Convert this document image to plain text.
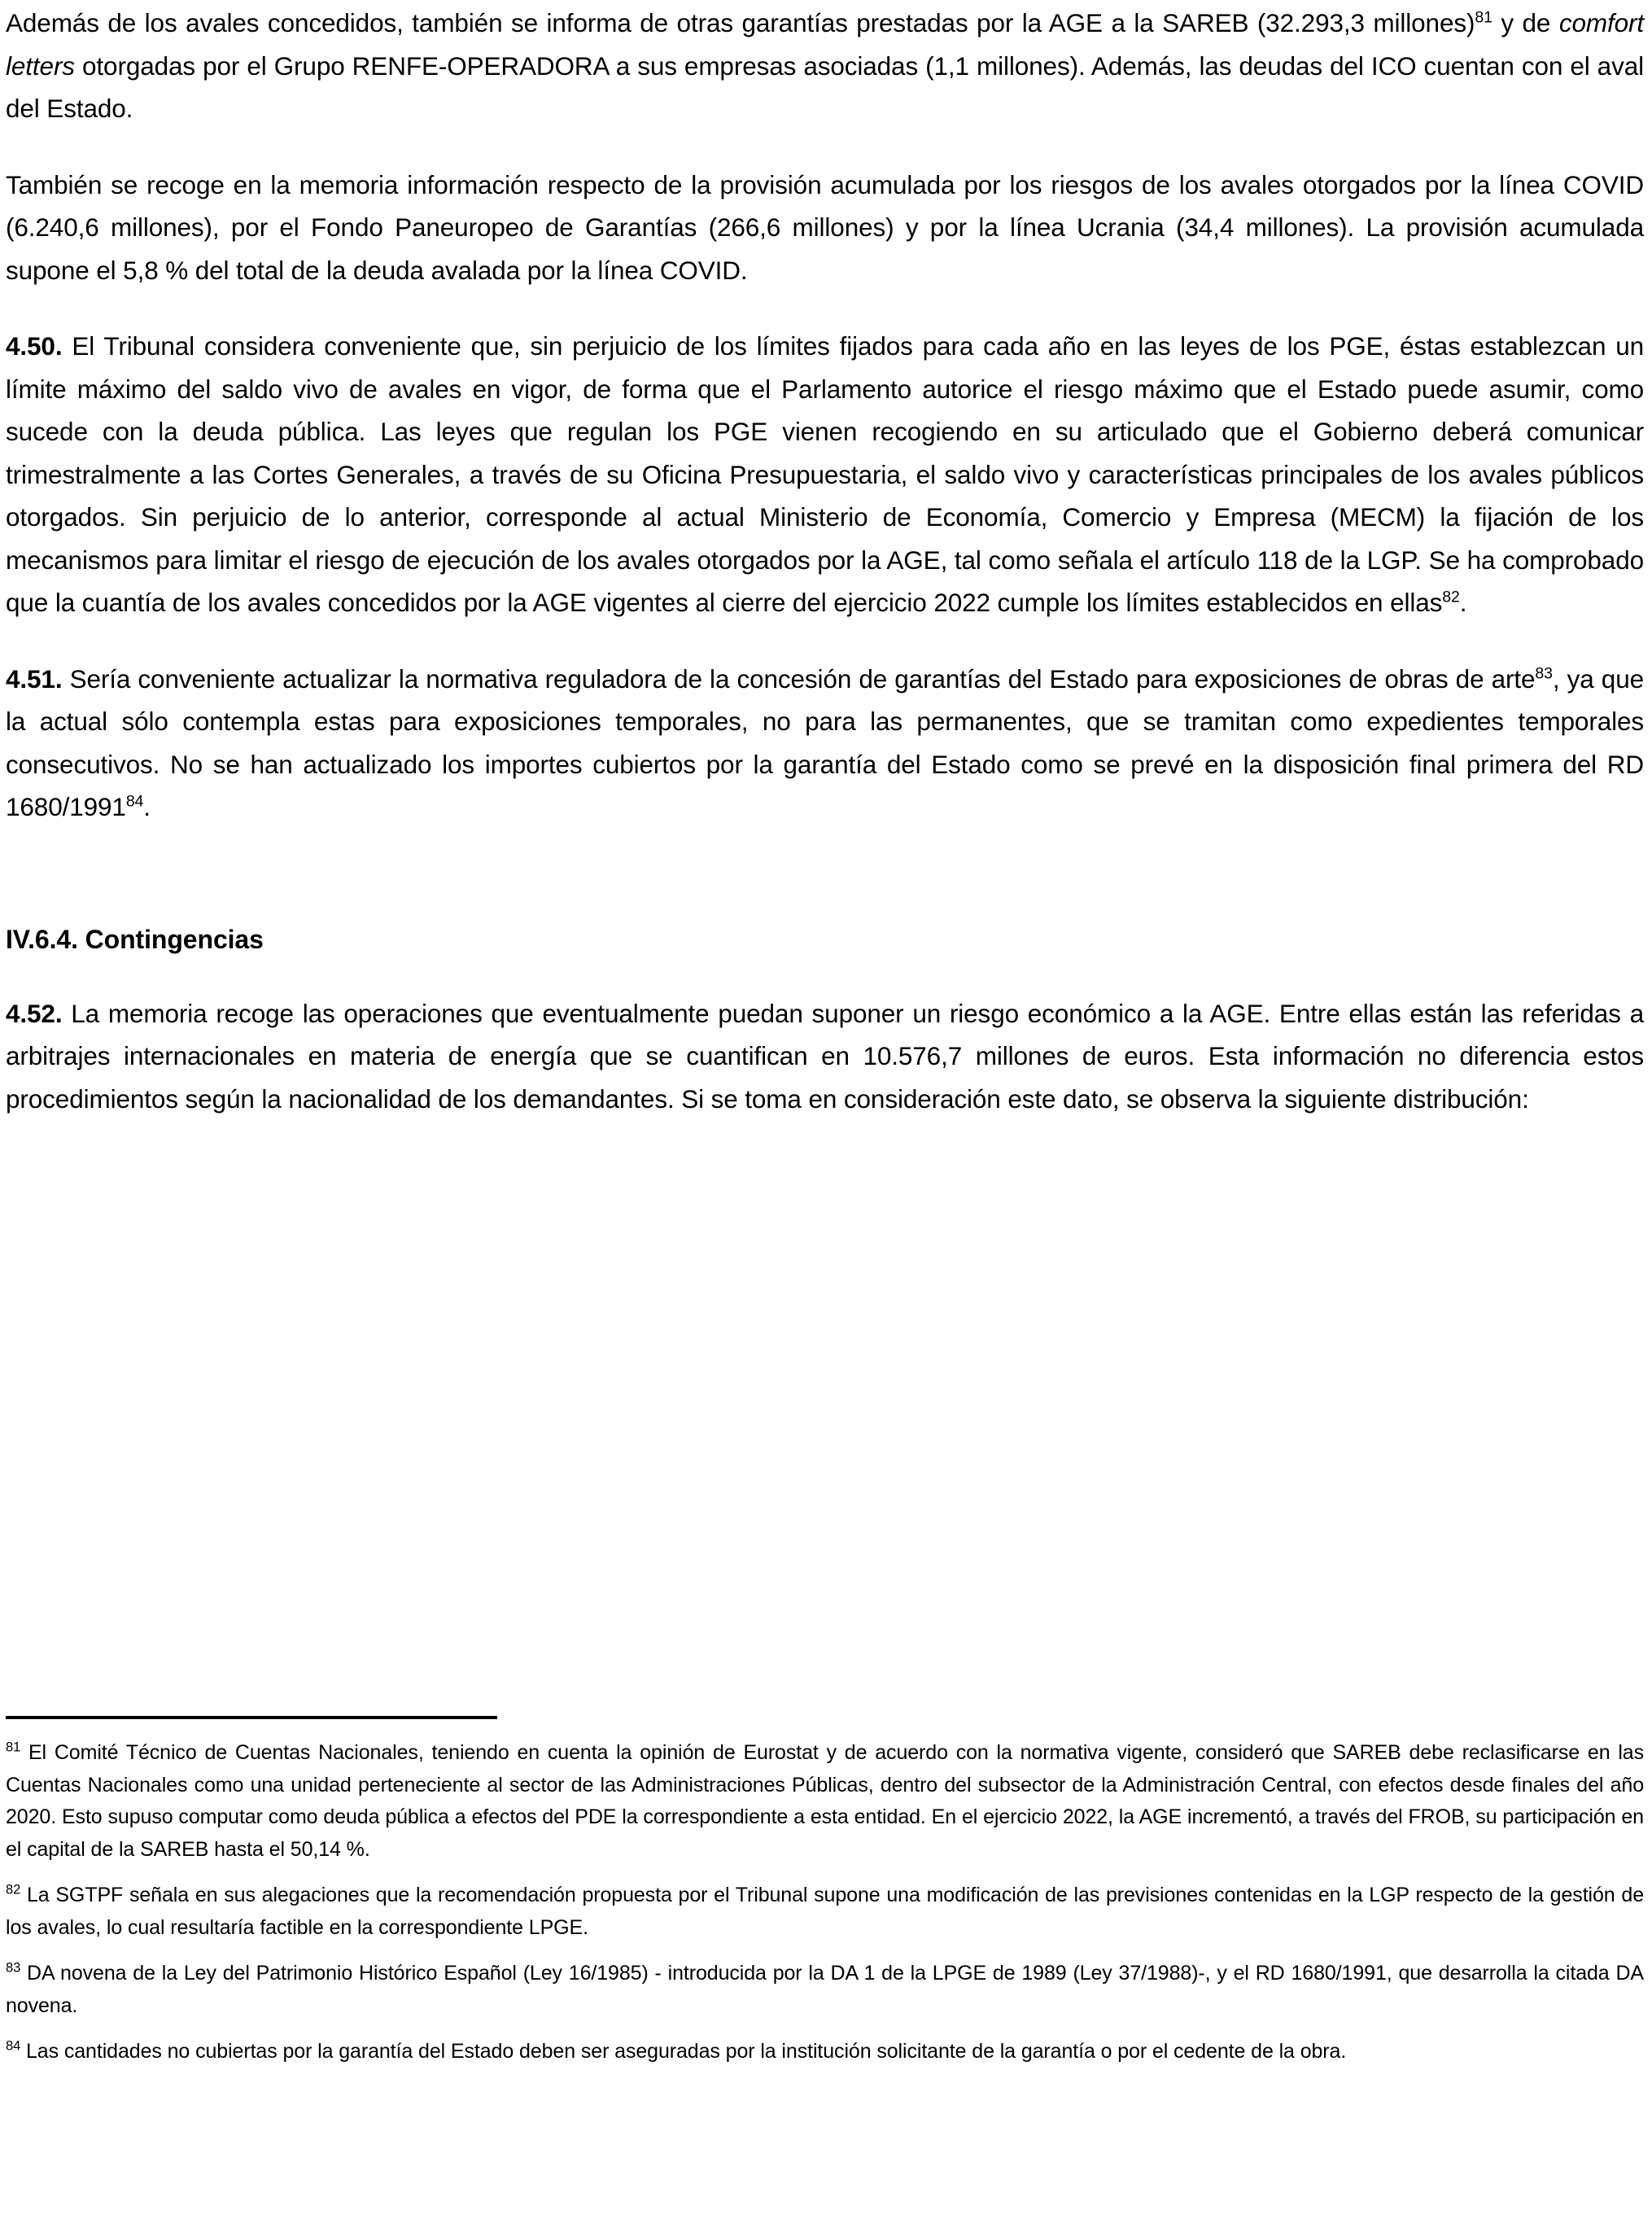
Además de los avales concedidos, también se informa de otras garantías prestadas por la AGE a la SAREB (32.293,3 millones)$^{81}$ y de comfort letters otorgadas por el Grupo RENFE-OPERADORA a sus empresas asociadas (1,1 millones). Además, las deudas del ICO cuentan con el aval del Estado.

También se recoge en la memoria información respecto de la provisión acumulada por los riesgos de los avales otorgados por la línea COVID (6.240,6 millones), por el Fondo Paneuropeo de Garantías (266,6 millones) y por la línea Ucrania (34,4 millones). La provisión acumulada supone el 5,8 % del total de la deuda avalada por la línea COVID.

4.50. El Tribunal considera conveniente que, sin perjuicio de los límites fijados para cada año en las leyes de los PGE, éstas establezcan un límite máximo del saldo vivo de avales en vigor, de forma que el Parlamento autorice el riesgo máximo que el Estado puede asumir, como sucede con la deuda pública. Las leyes que regulan los PGE vienen recogiendo en su articulado que el Gobierno deberá comunicar trimestralmente a las Cortes Generales, a través de su Oficina Presupuestaria, el saldo vivo y características principales de los avales públicos otorgados. Sin perjuicio de lo anterior, corresponde al actual Ministerio de Economía, Comercio y Empresa (MECM) la fijación de los mecanismos para limitar el riesgo de ejecución de los avales otorgados por la AGE, tal como señala el artículo 118 de la LGP. Se ha comprobado que la cuantía de los avales concedidos por la AGE vigentes al cierre del ejercicio 2022 cumple los límites establecidos en ellas$^{82}$.

4.51. Sería conveniente actualizar la normativa reguladora de la concesión de garantías del Estado para exposiciones de obras de arte$^{83}$, ya que la actual sólo contempla estas para exposiciones temporales, no para las permanentes, que se tramitan como expedientes temporales consecutivos. No se han actualizado los importes cubiertos por la garantía del Estado como se prevé en la disposición final primera del RD 1680/1991$^{84}$.

IV.6.4. Contingencias

4.52. La memoria recoge las operaciones que eventualmente puedan suponer un riesgo económico a la AGE. Entre ellas están las referidas a arbitrajes internacionales en materia de energía que se cuantifican en 10.576,7 millones de euros. Esta información no diferencia estos procedimientos según la nacionalidad de los demandantes. Si se toma en consideración este dato, se observa la siguiente distribución:

$^{81}$ El Comité Técnico de Cuentas Nacionales, teniendo en cuenta la opinión de Eurostat y de acuerdo con la normativa vigente, consideró que SAREB debe reclasificarse en las Cuentas Nacionales como una unidad perteneciente al sector de las Administraciones Públicas, dentro del subsector de la Administración Central, con efectos desde finales del año 2020. Esto supuso computar como deuda pública a efectos del PDE la correspondiente a esta entidad. En el ejercicio 2022, la AGE incrementó, a través del FROB, su participación en el capital de la SAREB hasta el 50,14 %.

$^{82}$ La SGTPF señala en sus alegaciones que la recomendación propuesta por el Tribunal supone una modificación de las previsiones contenidas en la LGP respecto de la gestión de los avales, lo cual resultaría factible en la correspondiente LPGE.

$^{83}$ DA novena de la Ley del Patrimonio Histórico Español (Ley 16/1985) - introducida por la DA 1 de la LPGE de 1989 (Ley 37/1988)-, y el RD 1680/1991, que desarrolla la citada DA novena.

$^{84}$ Las cantidades no cubiertas por la garantía del Estado deben ser aseguradas por la institución solicitante de la garantía o por el cedente de la obra.
